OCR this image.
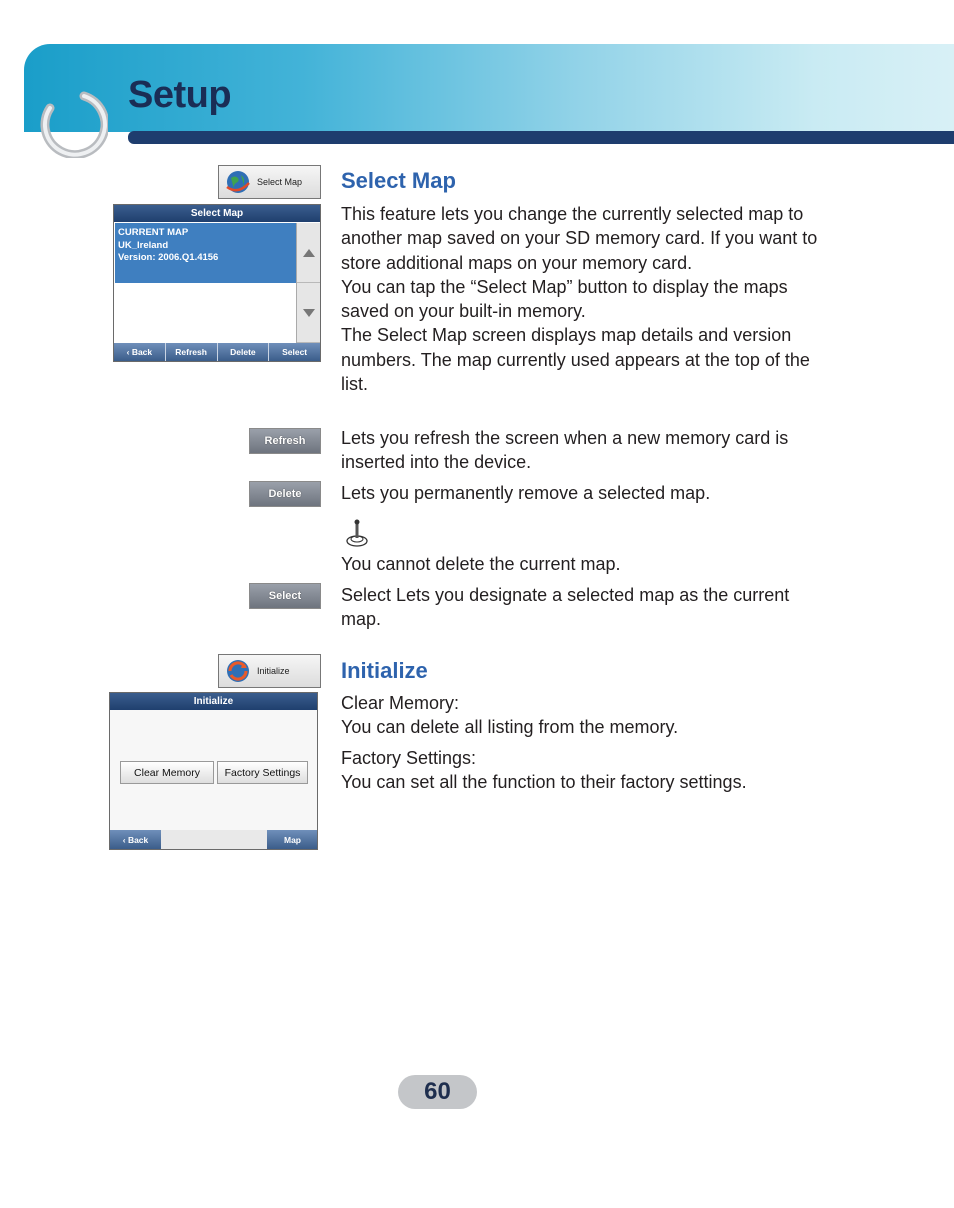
Setup
Select Map Select Map
This feature lets you change the currently selected map to another map saved on your SD memory card. If you want to store additional maps on your memory card.
You can tap the “Select Map” button to display the maps saved on your built-in memory.
The Select Map screen displays map details and version numbers. The map currently used appears at the top of the list.
Select Map
CURRENT MAP
UK_Ireland
Version: 2006.Q1.4156
‹ Back	Refresh	Delete	Select
Refresh	Lets you refresh the screen when a new memory card is inserted into the device.
Delete	Lets you permanently remove a selected map.
You cannot delete the current map.
Select	Select Lets you designate a selected map as the current map.
Initialize Initialize
Clear Memory:
You can delete all listing from the memory.
Factory Settings:
You can set all the function to their factory settings.
Initialize
Clear Memory	Factory Settings
‹ Back	Map
60
